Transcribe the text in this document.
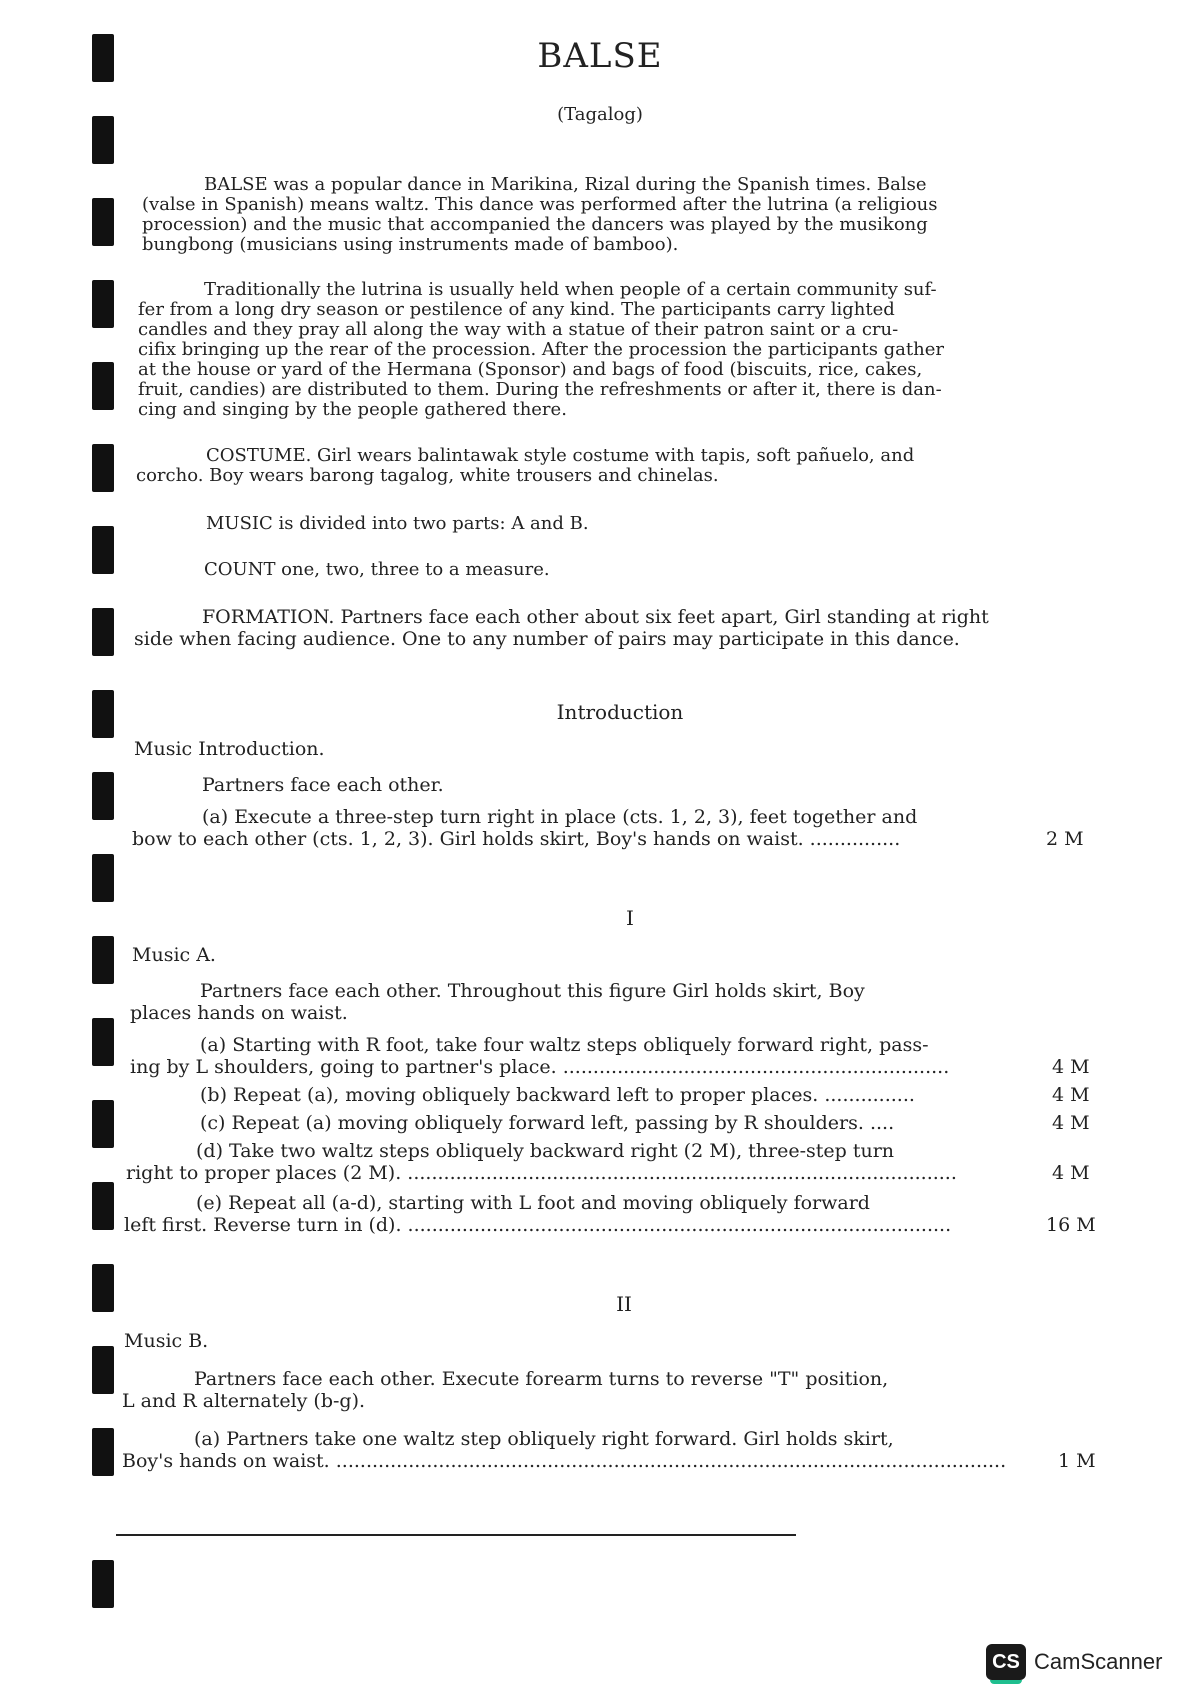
BALSE
(Tagalog)
BALSE was a popular dance in Marikina, Rizal during the Spanish times. Balse
(valse in Spanish) means waltz. This dance was performed after the lutrina (a religious
procession) and the music that accompanied the dancers was played by the musikong
bungbong (musicians using instruments made of bamboo).
Traditionally the lutrina is usually held when people of a certain community suf-
fer from a long dry season or pestilence of any kind. The participants carry lighted
candles and they pray all along the way with a statue of their patron saint or a cru-
cifix bringing up the rear of the procession. After the procession the participants gather
at the house or yard of the Hermana (Sponsor) and bags of food (biscuits, rice, cakes,
fruit, candies) are distributed to them. During the refreshments or after it, there is dan-
cing and singing by the people gathered there.
COSTUME. Girl wears balintawak style costume with tapis, soft pañuelo, and
corcho. Boy wears barong tagalog, white trousers and chinelas.
MUSIC is divided into two parts: A and B.
COUNT one, two, three to a measure.
FORMATION. Partners face each other about six feet apart, Girl standing at right
side when facing audience. One to any number of pairs may participate in this dance.
Introduction
Music Introduction.
Partners face each other.
(a) Execute a three-step turn right in place (cts. 1, 2, 3), feet together and
bow to each other (cts. 1, 2, 3). Girl holds skirt, Boy's hands on waist. ...............	2 M
I
Music A.
Partners face each other. Throughout this figure Girl holds skirt, Boy
places hands on waist.
(a) Starting with R foot, take four waltz steps obliquely forward right, pass-
ing by L shoulders, going to partner's place. ................................................................	4 M
(b) Repeat (a), moving obliquely backward left to proper places. ...............	4 M
(c) Repeat (a) moving obliquely forward left, passing by R shoulders. ....	4 M
(d) Take two waltz steps obliquely backward right (2 M), three-step turn
right to proper places (2 M). ...........................................................................................	4 M
(e) Repeat all (a-d), starting with L foot and moving obliquely forward
left first. Reverse turn in (d). ..........................................................................................	16 M
II
Music B.
Partners face each other. Execute forearm turns to reverse "T" position,
L and R alternately (b-g).
(a) Partners take one waltz step obliquely right forward. Girl holds skirt,
Boy's hands on waist. ...............................................................................................................	1 M
CS CamScanner
